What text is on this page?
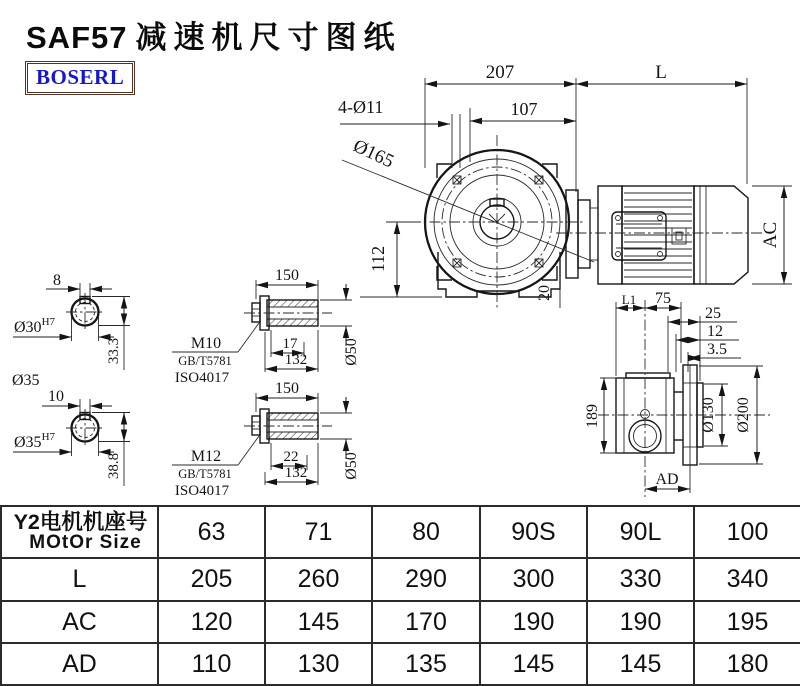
SAF57 减速机尺寸图纸
BOSERL	207	L
107
4-Ø11
Ø165
112
AC
20
8
$Ø30^{H7}$
33.3
Ø35
10
$Ø35^{H7}$
38.8
150
M10
GB/T5781
ISO4017
17
132 Ø50
150
M12
GB/T5781
ISO4017
22
132 Ø50
L1 75
25
12
3.5
189	Ø130 Ø200
AD
Y2电机机座号
MOtOr Size	63	71	80	90S	90L	100
L	205	260	290	300	330	340
AC	120	145	170	190	190	195
AD	110	130	135	145	145	180
